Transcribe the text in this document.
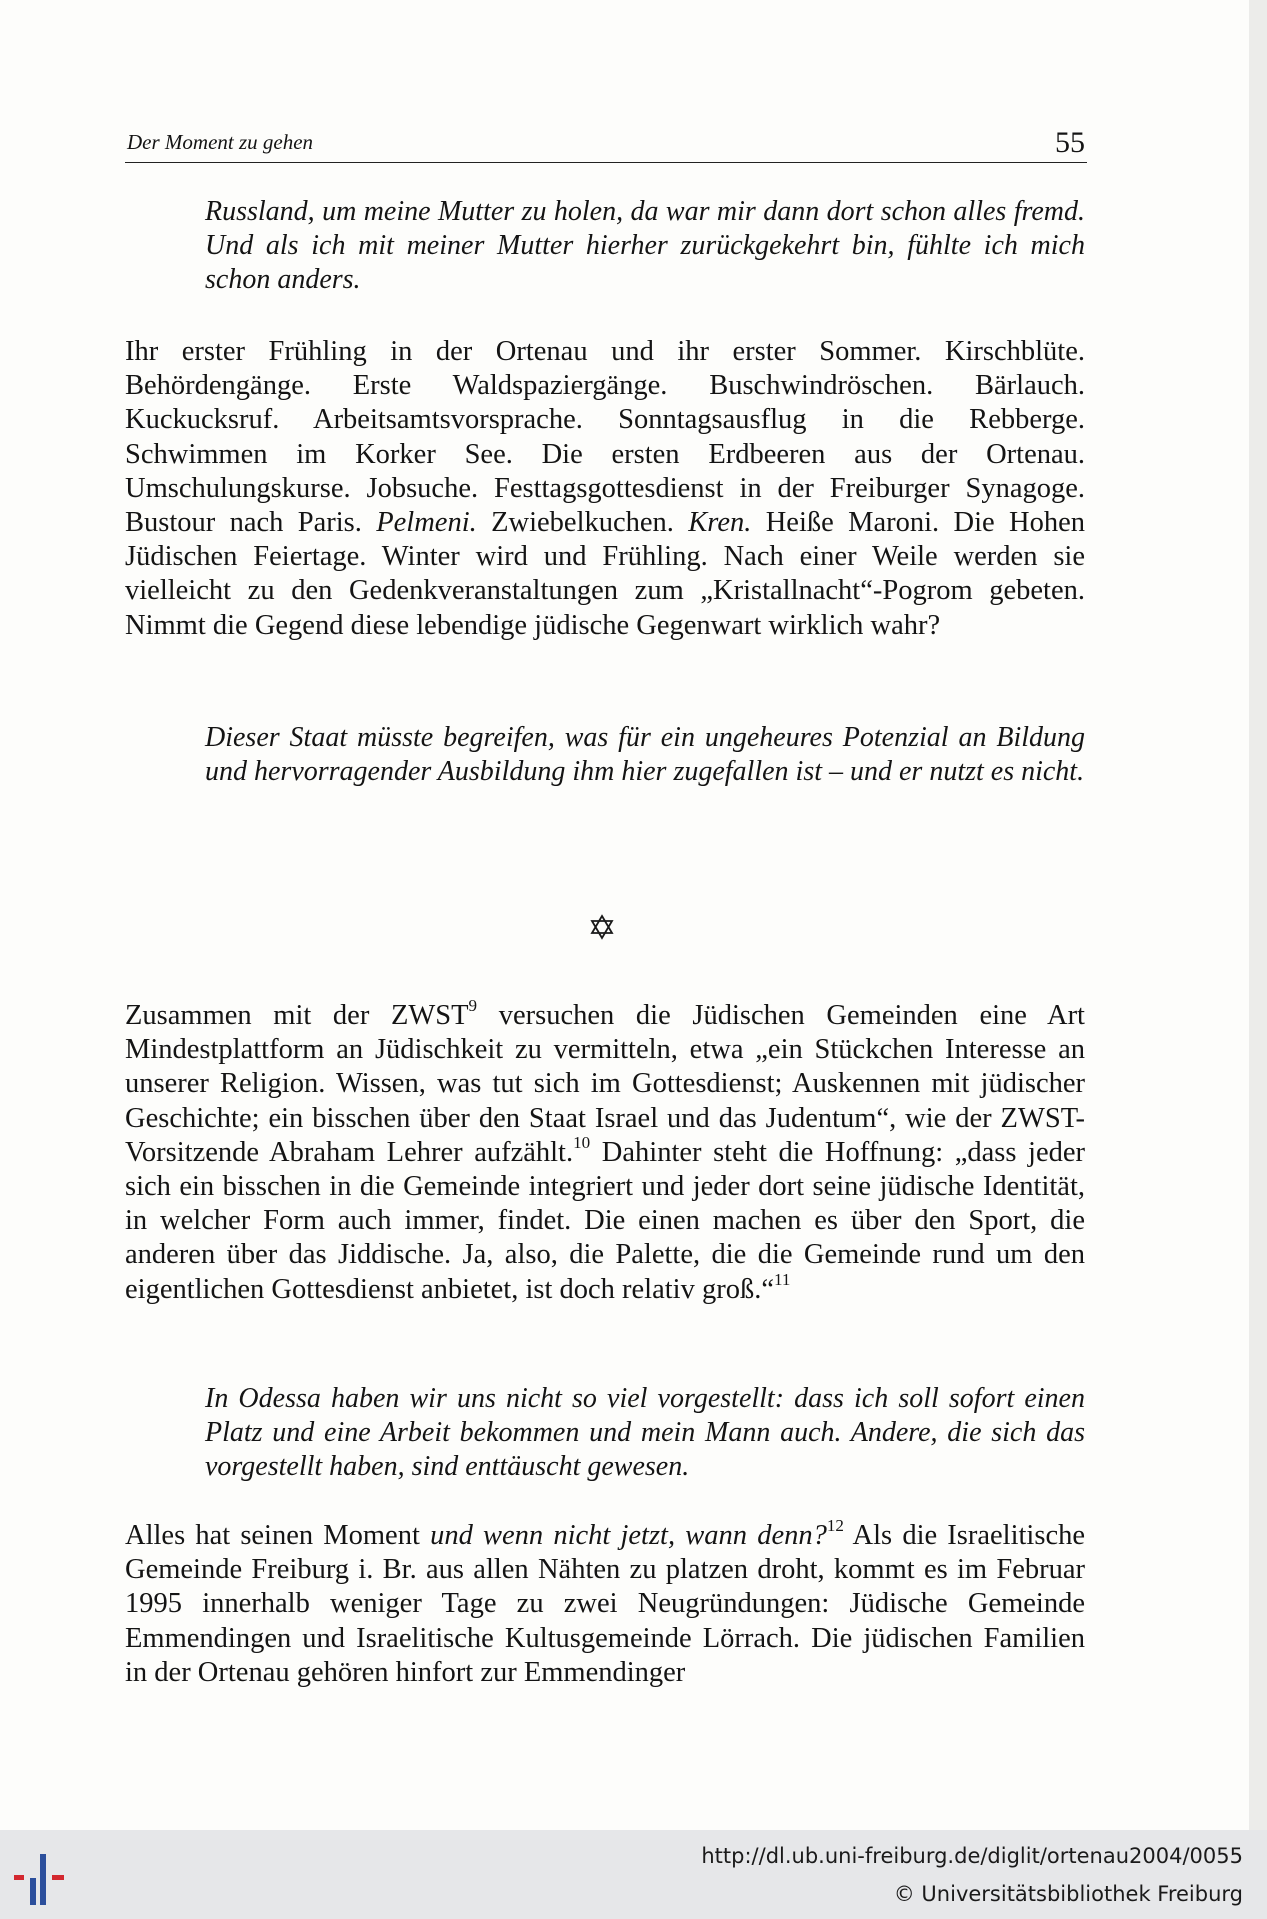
Der Moment zu gehen	55

Russland, um meine Mutter zu holen, da war mir dann dort schon alles fremd. Und als ich mit meiner Mutter hierher zurückgekehrt bin, fühlte ich mich schon anders.

Ihr erster Frühling in der Ortenau und ihr erster Sommer. Kirschblüte. Behördengänge. Erste Waldspaziergänge. Buschwindröschen. Bärlauch. Kuckucksruf. Arbeitsamtsvorsprache. Sonntagsausflug in die Rebberge. Schwimmen im Korker See. Die ersten Erdbeeren aus der Ortenau. Umschulungskurse. Jobsuche. Festtagsgottesdienst in der Freiburger Synagoge. Bustour nach Paris. Pelmeni. Zwiebelkuchen. Kren. Heiße Maroni. Die Hohen Jüdischen Feiertage. Winter wird und Frühling. Nach einer Weile werden sie vielleicht zu den Gedenkveranstaltungen zum „Kristallnacht“-Pogrom gebeten. Nimmt die Gegend diese lebendige jüdische Gegenwart wirklich wahr?

Dieser Staat müsste begreifen, was für ein ungeheures Potenzial an Bildung und hervorragender Ausbildung ihm hier zugefallen ist – und er nutzt es nicht.

Zusammen mit der ZWST$^9$ versuchen die Jüdischen Gemeinden eine Art Mindestplattform an Jüdischkeit zu vermitteln, etwa „ein Stückchen Interesse an unserer Religion. Wissen, was tut sich im Gottesdienst; Auskennen mit jüdischer Geschichte; ein bisschen über den Staat Israel und das Judentum“, wie der ZWST-Vorsitzende Abraham Lehrer aufzählt.$^{10}$ Dahinter steht die Hoffnung: „dass jeder sich ein bisschen in die Gemeinde integriert und jeder dort seine jüdische Identität, in welcher Form auch immer, findet. Die einen machen es über den Sport, die anderen über das Jiddische. Ja, also, die Palette, die die Gemeinde rund um den eigentlichen Gottesdienst anbietet, ist doch relativ groß.“$^{11}$

In Odessa haben wir uns nicht so viel vorgestellt: dass ich soll sofort einen Platz und eine Arbeit bekommen und mein Mann auch. Andere, die sich das vorgestellt haben, sind enttäuscht gewesen.

Alles hat seinen Moment und wenn nicht jetzt, wann denn?$^{12}$ Als die Israelitische Gemeinde Freiburg i. Br. aus allen Nähten zu platzen droht, kommt es im Februar 1995 innerhalb weniger Tage zu zwei Neugründungen: Jüdische Gemeinde Emmendingen und Israelitische Kultusgemeinde Lörrach. Die jüdischen Familien in der Ortenau gehören hinfort zur Emmendinger

http://dl.ub.uni-freiburg.de/diglit/ortenau2004/0055
© Universitätsbibliothek Freiburg
